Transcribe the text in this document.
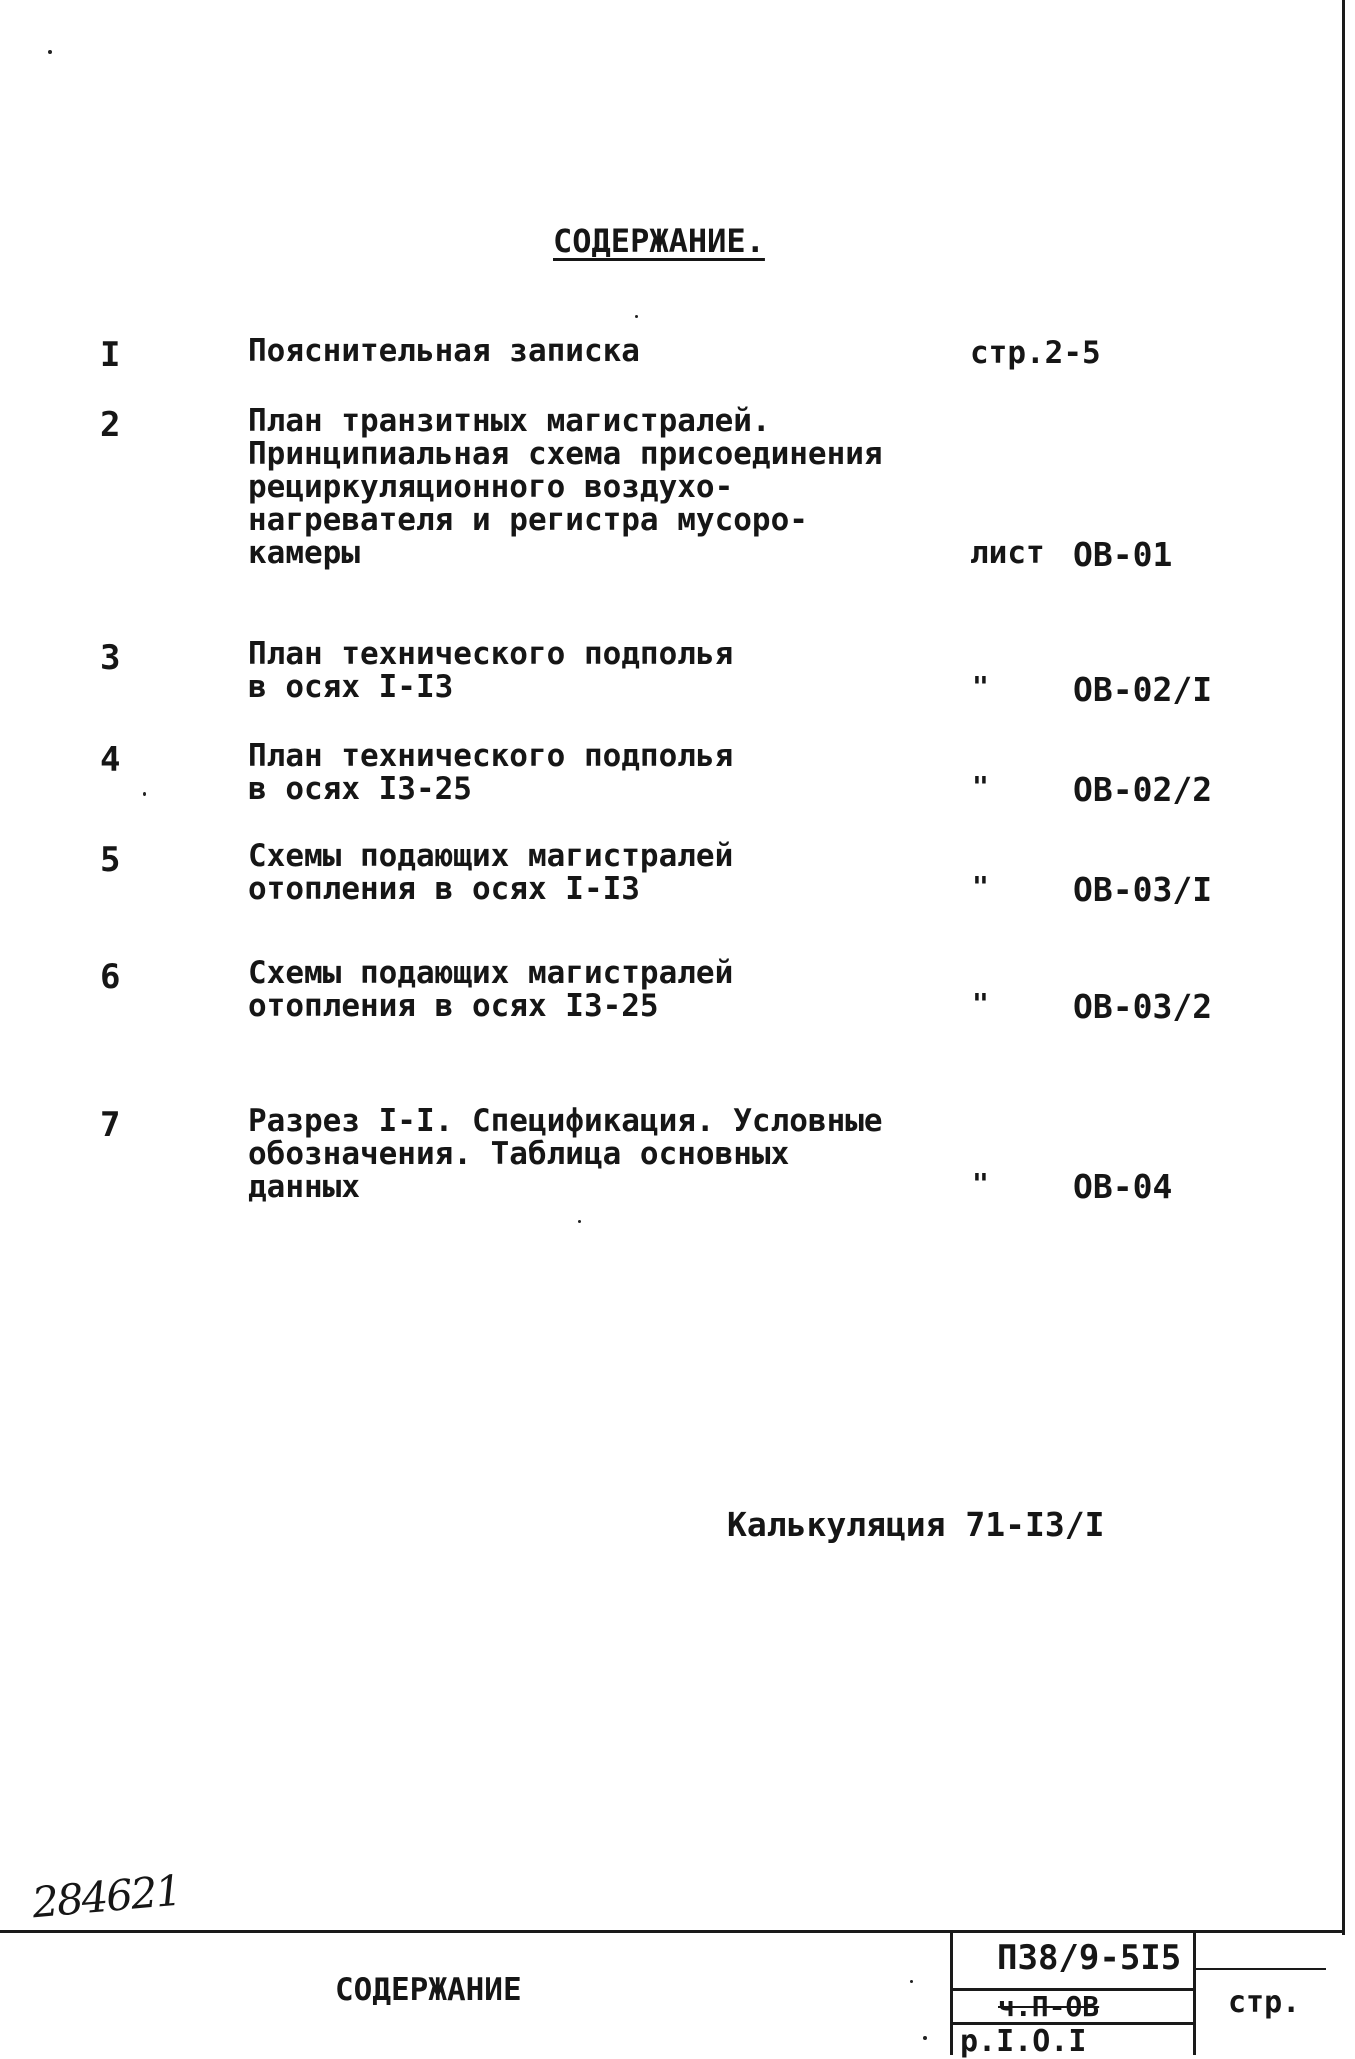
СОДЕРЖАНИЕ.
I	Пояснительная записка	стр.2-5
2	План транзитных магистралей.
Принципиальная схема присоединения
рециркуляционного воздухо-
нагревателя и регистра мусоро-
камеры	лист ОВ-01
3	План технического подполья
в осях I-I3	"	ОВ-02/I
4	План технического подполья
в осях I3-25	"	ОВ-02/2
5	Схемы подающих магистралей
отопления в осях I-I3	"	ОВ-03/I
6	Схемы подающих магистралей
отопления в осях I3-25	"	ОВ-03/2
7	Разрез I-I. Спецификация. Условные
обозначения. Таблица основных
данных	"	ОВ-04
Калькуляция 71-I3/I
284621
СОДЕРЖАНИЕ
П38/9-5I5
ч.П-ОВ
р.I.О.I
стр.
